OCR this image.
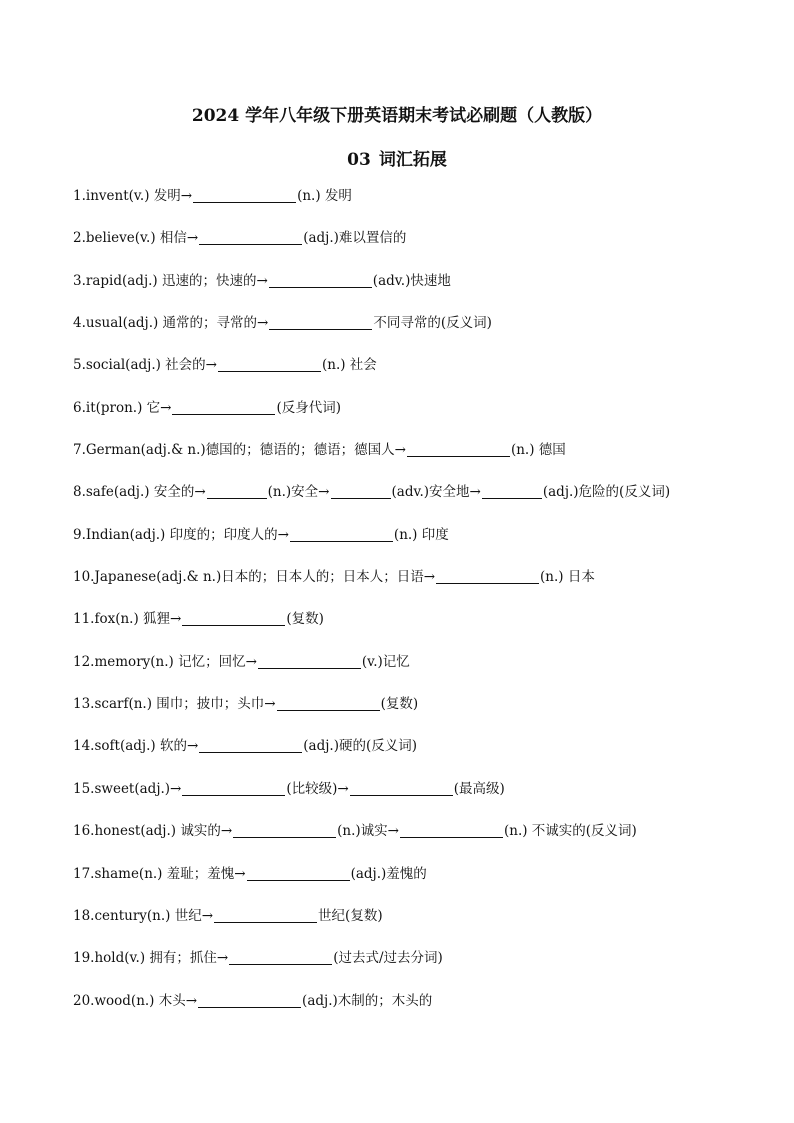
2024 学年八年级下册英语期末考试必刷题（人教版）
03 词汇拓展
1.invent(v.) 发明→	(n.) 发明
2.believe(v.) 相信→	(adj.)难以置信的
3.rapid(adj.) 迅速的；快速的→	(adv.)快速地
4.usual(adj.) 通常的；寻常的→	不同寻常的(反义词)
5.social(adj.) 社会的→	(n.) 社会
6.it(pron.) 它→	(反身代词)
7.German(adj.& n.)德国的；德语的；德语；德国人→	(n.) 德国
8.safe(adj.) 安全的→	(n.)安全→	(adv.)安全地→	(adj.)危险的(反义词)
9.Indian(adj.) 印度的；印度人的→	(n.) 印度
10.Japanese(adj.& n.)日本的；日本人的；日本人；日语→	(n.) 日本
11.fox(n.) 狐狸→	(复数)
12.memory(n.) 记忆；回忆→	(v.)记忆
13.scarf(n.) 围巾；披巾；头巾→	(复数)
14.soft(adj.) 软的→	(adj.)硬的(反义词)
15.sweet(adj.)→	(比较级)→	(最高级)
16.honest(adj.) 诚实的→	(n.)诚实→	(n.) 不诚实的(反义词)
17.shame(n.) 羞耻；羞愧→	(adj.)羞愧的
18.century(n.) 世纪→	世纪(复数)
19.hold(v.) 拥有；抓住→	(过去式/过去分词)
20.wood(n.) 木头→	(adj.)木制的；木头的
